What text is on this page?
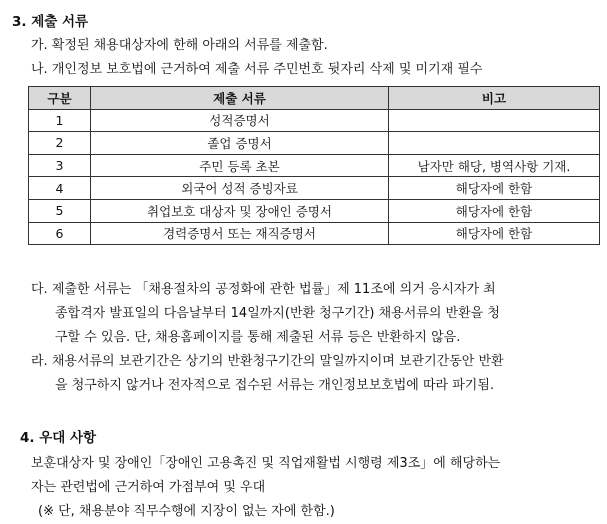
3. 제출 서류
가. 확정된 채용대상자에 한해 아래의 서류를 제출함.
나. 개인정보 보호법에 근거하여 제출 서류 주민번호 뒷자리 삭제 및 미기재 필수
구분	제출 서류	비고
1	성적증명서	
2	졸업 증명서	
3	주민 등록 초본	남자만 해당, 병역사항 기재.
4	외국어 성적 증빙자료	해당자에 한함
5	취업보호 대상자 및 장애인 증명서	해당자에 한함
6	경력증명서 또는 재직증명서	해당자에 한함
다. 제출한 서류는 「채용절차의 공정화에 관한 법률」제 11조에 의거 응시자가 최
종합격자 발표일의 다음날부터 14일까지(반환 청구기간) 채용서류의 반환을 청
구할 수 있음. 단, 채용홈페이지를 통해 제출된 서류 등은 반환하지 않음.
라. 채용서류의 보관기간은 상기의 반환청구기간의 말일까지이며 보관기간동안 반환
을 청구하지 않거나 전자적으로 접수된 서류는 개인정보보호법에 따라 파기됨.
4. 우대 사항
보훈대상자 및 장애인「장애인 고용촉진 및 직업재활법 시행령 제3조」에 해당하는
자는 관련법에 근거하여 가점부여 및 우대
(※ 단, 채용분야 직무수행에 지장이 없는 자에 한함.)
